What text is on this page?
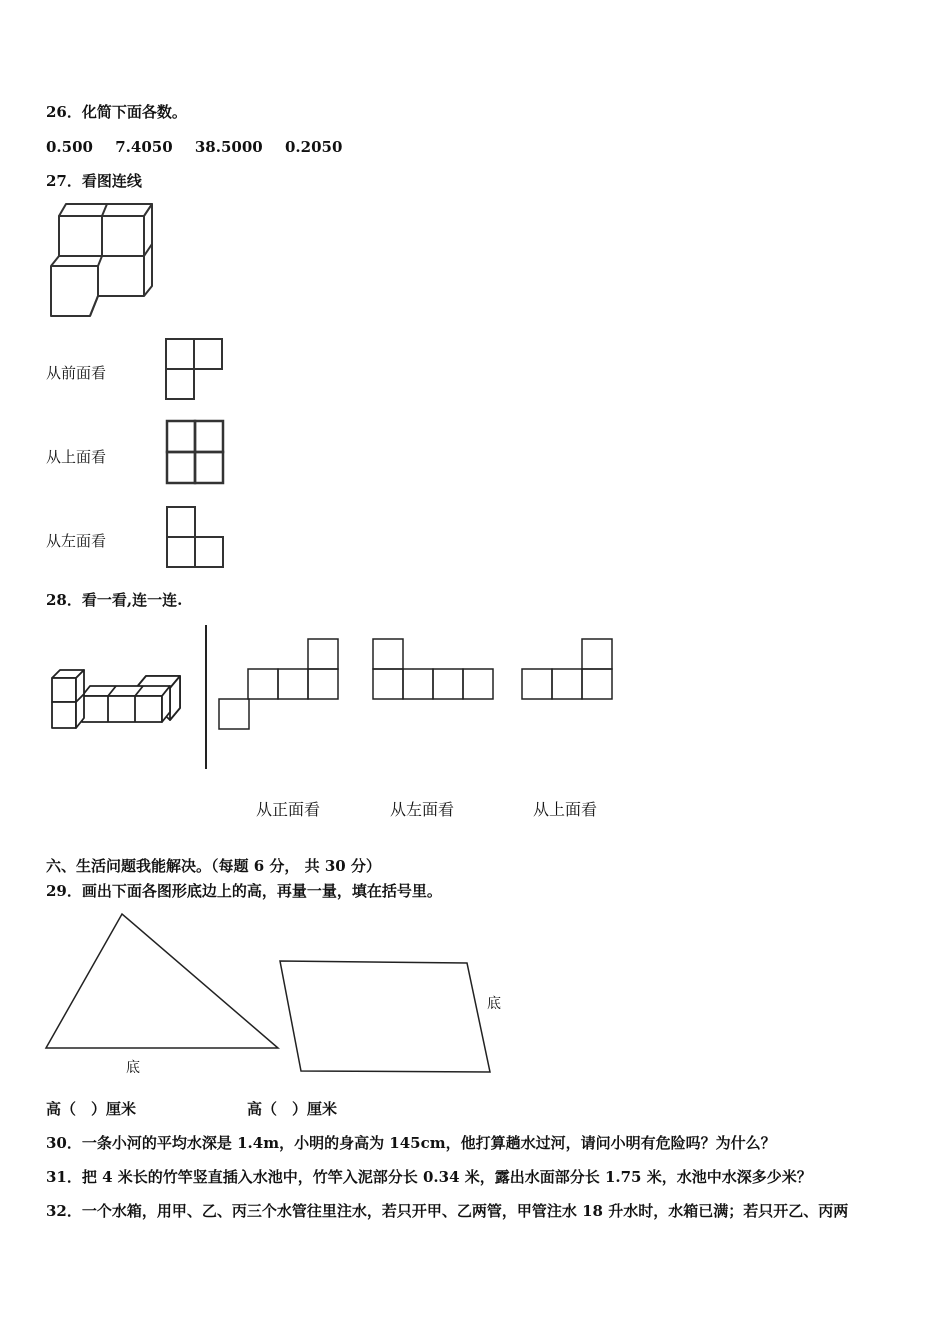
26．化简下面各数。
0.500 7.4050 38.5000 0.2050
27．看图连线
从前面看
从上面看
从左面看
28．看一看,连一连.
从正面看	从左面看	从上面看
六、生活问题我能解决。（每题 6 分， 共 30 分）
29．画出下面各图形底边上的高，再量一量，填在括号里。
底
底
高（　）厘米	高（　）厘米
30．一条小河的平均水深是 1.4m，小明的身高为 145cm，他打算趟水过河，请问小明有危险吗？为什么？
31．把 4 米长的竹竿竖直插入水池中，竹竿入泥部分长 0.34 米，露出水面部分长 1.75 米，水池中水深多少米？
32．一个水箱，用甲、乙、丙三个水管往里注水，若只开甲、乙两管，甲管注水 18 升水时，水箱已满；若只开乙、丙两
